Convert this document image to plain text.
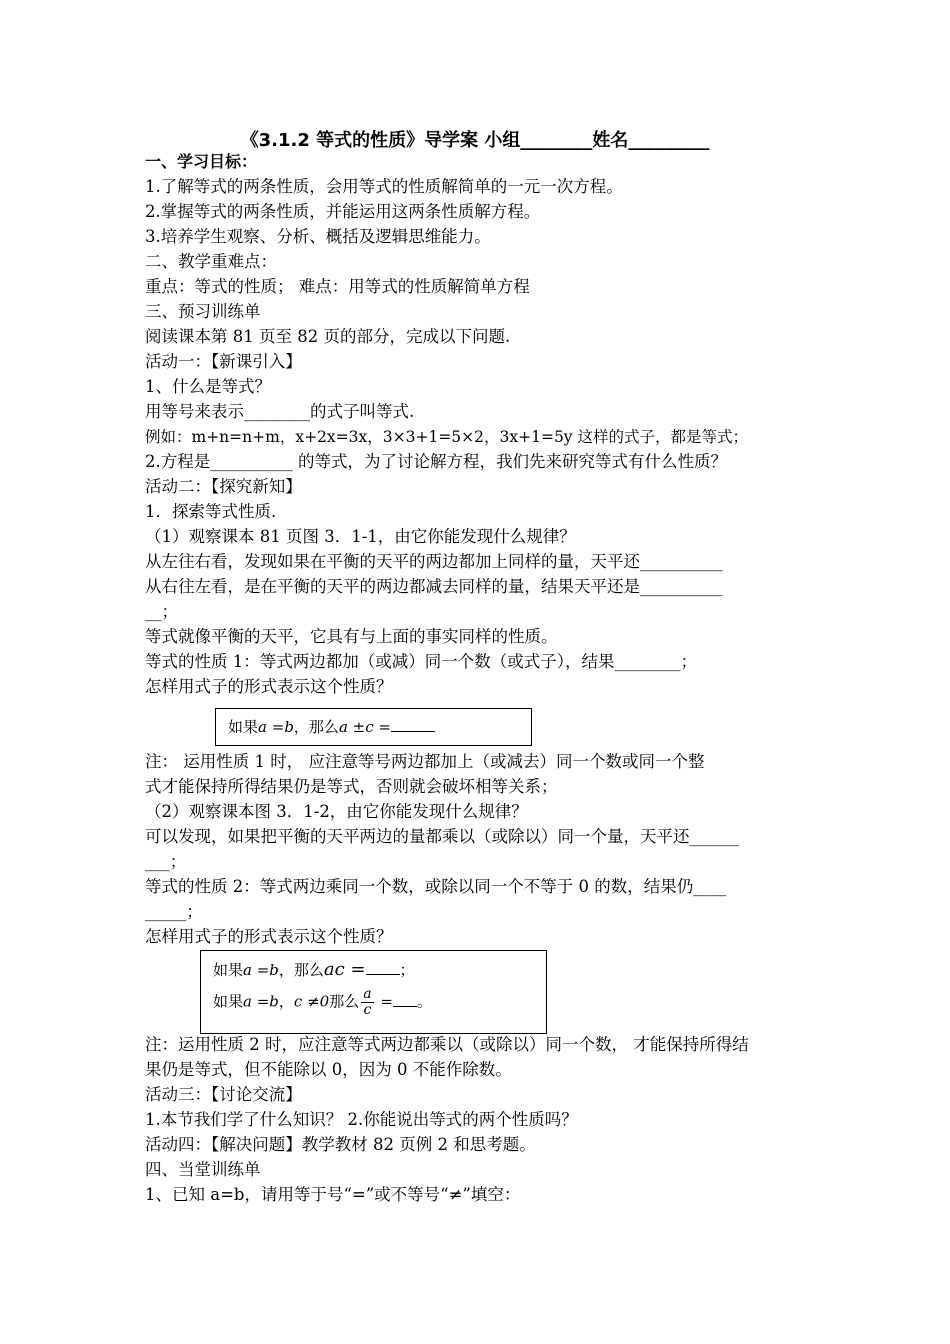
《3.1.2 等式的性质》导学案 小组________姓名_________
一、学习目标：
1.了解等式的两条性质，会用等式的性质解简单的一元一次方程。
2.掌握等式的两条性质，并能运用这两条性质解方程。
3.培养学生观察、分析、概括及逻辑思维能力。
二、教学重难点：
重点：等式的性质； 难点：用等式的性质解简单方程
三、预习训练单
阅读课本第 81 页至 82 页的部分，完成以下问题.
活动一：【新课引入】
1、什么是等式？
用等号来表示________的式子叫等式.
例如：m+n=n+m，x+2x=3x，3×3+1=5×2，3x+1=5y 这样的式子，都是等式；
2.方程是__________ 的等式，为了讨论解方程，我们先来研究等式有什么性质？
活动二：【探究新知】
1．探索等式性质.
（1）观察课本 81 页图 3．1-1，由它你能发现什么规律？
从左往右看，发现如果在平衡的天平的两边都加上同样的量，天平还__________
从右往左看，是在平衡的天平的两边都减去同样的量，结果天平还是__________
__；
等式就像平衡的天平，它具有与上面的事实同样的性质。
等式的性质 1：等式两边都加（或减）同一个数（或式子），结果________；
怎样用式子的形式表示这个性质？
如果a =b，那么a ±c =
注： 运用性质 1 时， 应注意等号两边都加上（或减去）同一个数或同一个整
式才能保持所得结果仍是等式，否则就会破坏相等关系；
（2）观察课本图 3．1-2，由它你能发现什么规律？
可以发现，如果把平衡的天平两边的量都乘以（或除以）同一个量，天平还______
___；
等式的性质 2：等式两边乘同一个数，或除以同一个不等于 0 的数，结果仍____
_____；
怎样用式子的形式表示这个性质？
如果a =b，那么ac = ；
如果a =b，c ≠0那么 $\frac{a}{c}$ = 。
注：运用性质 2 时，应注意等式两边都乘以（或除以）同一个数， 才能保持所得结
果仍是等式，但不能除以 0，因为 0 不能作除数。
活动三：【讨论交流】
1.本节我们学了什么知识？ 2.你能说出等式的两个性质吗？
活动四：【解决问题】教学教材 82 页例 2 和思考题。
四、当堂训练单
1、已知 a=b，请用等于号“=”或不等号“≠”填空：
